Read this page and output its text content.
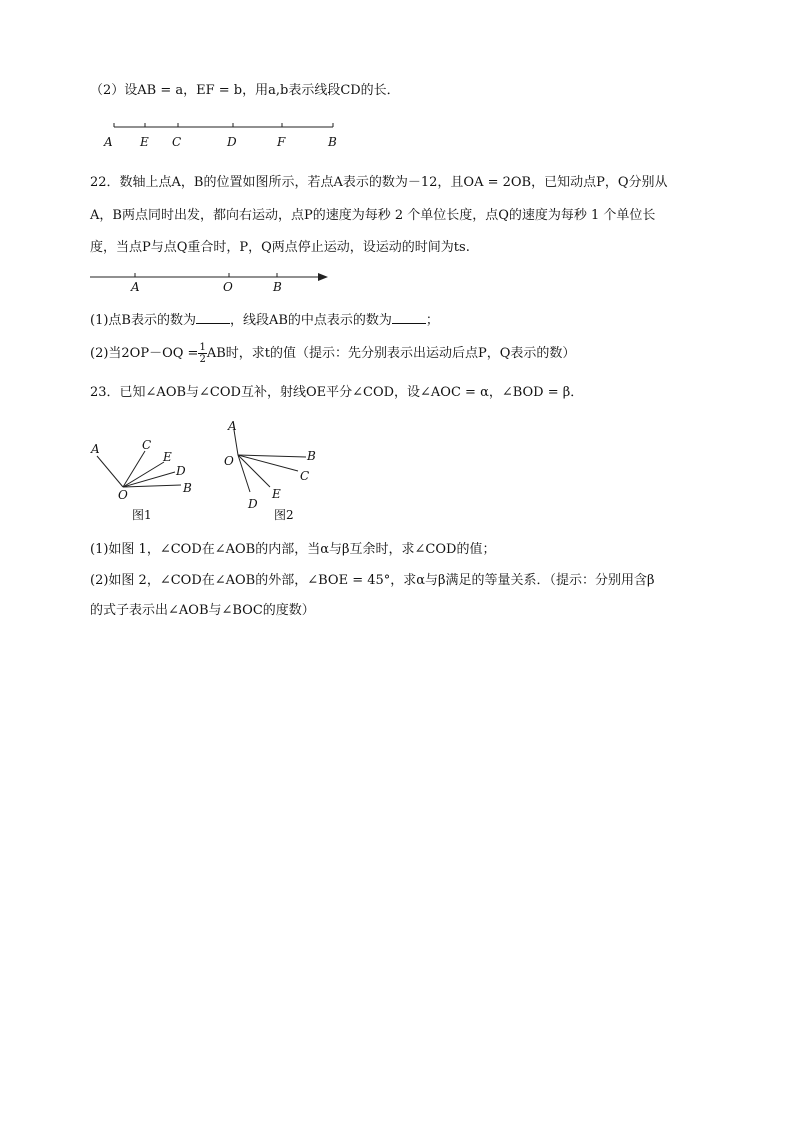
（2）设AB = a，EF = b，用a,b表示线段CD的长．
A E C	D	F	B
22．数轴上点A，B的位置如图所示，若点A表示的数为－12，且OA = 2OB，已知动点P，Q分别从
A，B两点同时出发，都向右运动，点P的速度为每秒 2 个单位长度，点Q的速度为每秒 1 个单位长
度，当点P与点Q重合时，P，Q两点停止运动，设运动的时间为ts.
A	O	B
(1)点B表示的数为	，线段AB的中点表示的数为	；
(2)当$2OP-OQ = \frac{1}{2}$ AB时，求t的值（提示：先分别表示出运动后点P，Q表示的数）
23．已知∠AOB与∠COD互补，射线OE平分∠COD，设∠AOC = α，∠BOD = β．
A	C
E
D
B
O
图1
A
O	B
C
E
D
图2
(1)如图 1，∠COD在∠AOB的内部，当α与β互余时，求∠COD的值；
(2)如图 2，∠COD在∠AOB的外部，∠BOE = 45°，求α与β满足的等量关系．（提示：分别用含β
的式子表示出∠AOB与∠BOC的度数）
